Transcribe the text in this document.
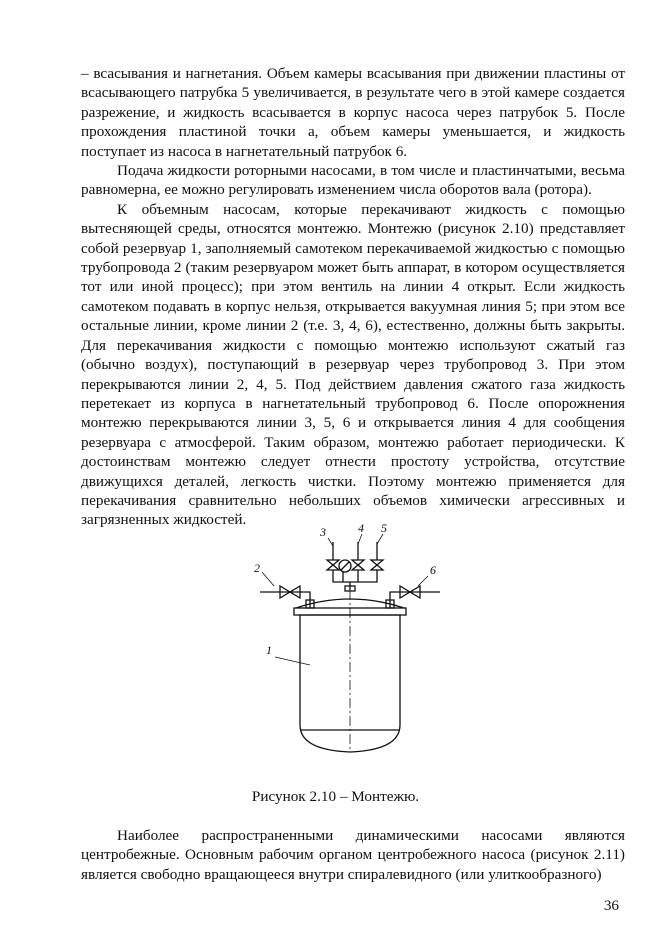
– всасывания и нагнетания. Объем камеры всасывания при движении пластины от всасывающего патрубка 5 увеличивается, в результате чего в этой камере создается разрежение, и жидкость всасывается в корпус насоса через патрубок 5. После прохождения пластиной точки a, объем камеры уменьшается, и жидкость поступает из насоса в нагнетательный патрубок 6.

Подача жидкости роторными насосами, в том числе и пластинчатыми, весьма равномерна, ее можно регулировать изменением числа оборотов вала (ротора).

К объемным насосам, которые перекачивают жидкость с помощью вытесняющей среды, относятся монтежю. Монтежю (рисунок 2.10) представляет собой резервуар 1, заполняемый самотеком перекачиваемой жидкостью с помощью трубопровода 2 (таким резервуаром может быть аппарат, в котором осуществляется тот или иной процесс); при этом вентиль на линии 4 открыт. Если жидкость самотеком подавать в корпус нельзя, открывается вакуумная линия 5; при этом все остальные линии, кроме линии 2 (т.е. 3, 4, 6), естественно, должны быть закрыты. Для перекачивания жидкости с помощью монтежю используют сжатый газ (обычно воздух), поступающий в резервуар через трубопровод 3. При этом перекрываются линии 2, 4, 5. Под действием давления сжатого газа жидкость перетекает из корпуса в нагнетательный трубопровод 6. После опорожнения монтежю перекрываются линии 3, 5, 6 и открывается линия 4 для сообщения резервуара с атмосферой. Таким образом, монтежю работает периодически. К достоинствам монтежю следует отнести простоту устройства, отсутствие движущихся деталей, легкость чистки. Поэтому монтежю применяется для перекачивания сравнительно небольших объемов химически агрессивных и загрязненных жидкостей.

1
2
3	4 5
6
Рисунок 2.10 – Монтежю.

Наиболее распространенными динамическими насосами являются центробежные. Основным рабочим органом центробежного насоса (рисунок 2.11) является свободно вращающееся внутри спиралевидного (или улиткообразного)

36
